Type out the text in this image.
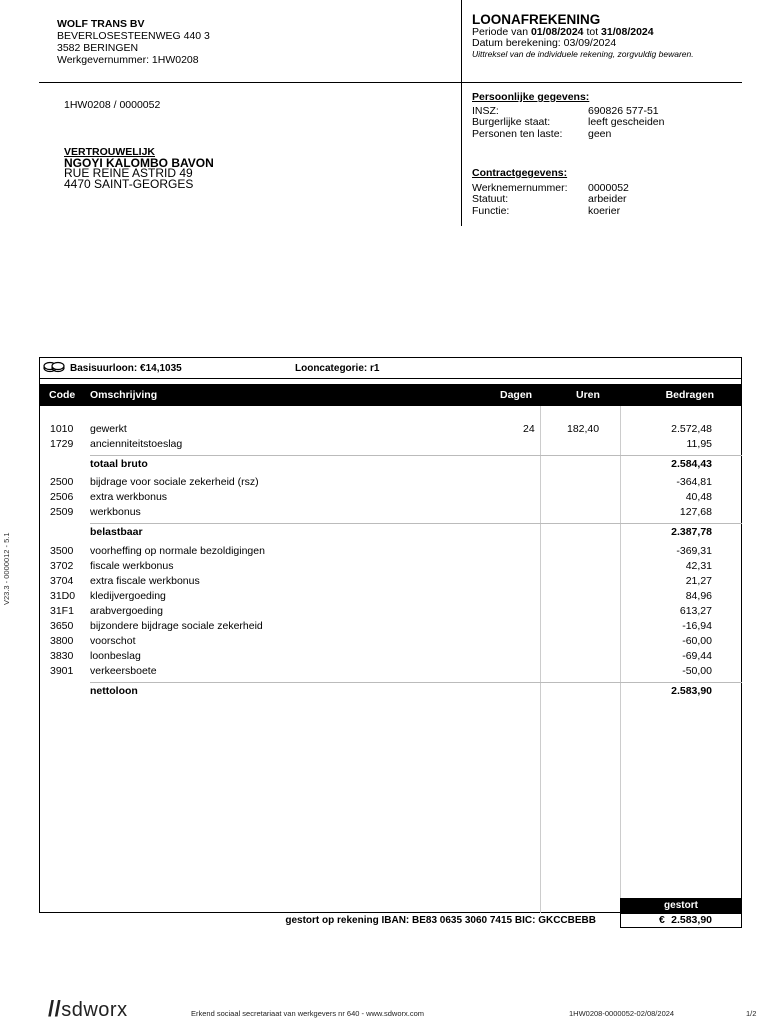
WOLF TRANS BV
BEVERLOSESTEENWEG 440 3
3582 BERINGEN
Werkgevernummer: 1HW0208
LOONAFREKENING
Periode van 01/08/2024 tot 31/08/2024
Datum berekening: 03/09/2024
Uittreksel van de individuele rekening, zorgvuldig bewaren.
1HW0208 / 0000052
VERTROUWELIJK
NGOYI KALOMBO BAVON
RUE REINE ASTRID 49
4470 SAINT-GEORGES
Persoonlijke gegevens:
INSZ:	690826 577-51
Burgerlijke staat:	leeft gescheiden
Personen ten laste:	geen
Contractgegevens:
Werknemernummer:	0000052
Statuut:	arbeider
Functie:	koerier
V23.3 - 0000012 - 5.1
Basisuurloon: €14,1035	Looncategorie: r1
Code Omschrijving	Dagen	Uren	Bedragen
1010 gewerkt	24	182,40	2.572,48
1729 ancienniteitstoeslag	11,95
totaal bruto	2.584,43
2500 bijdrage voor sociale zekerheid (rsz)	-364,81
2506 extra werkbonus	40,48
2509 werkbonus	127,68
belastbaar	2.387,78
3500 voorheffing op normale bezoldigingen	-369,31
3702 fiscale werkbonus	42,31
3704 extra fiscale werkbonus	21,27
31D0 kledijvergoeding	84,96
31F1 arabvergoeding	613,27
3650 bijzondere bijdrage sociale zekerheid	-16,94
3800 voorschot	-60,00
3830 loonbeslag	-69,44
3901 verkeersboete	-50,00
nettoloon	2.583,90
gestort
gestort op rekening IBAN: BE83 0635 3060 7415 BIC: GKCCBEBB	€ 2.583,90
//sdworx	Erkend sociaal secretariaat van werkgevers nr 640 - www.sdworx.com	1HW0208-0000052-02/08/2024	1/2
